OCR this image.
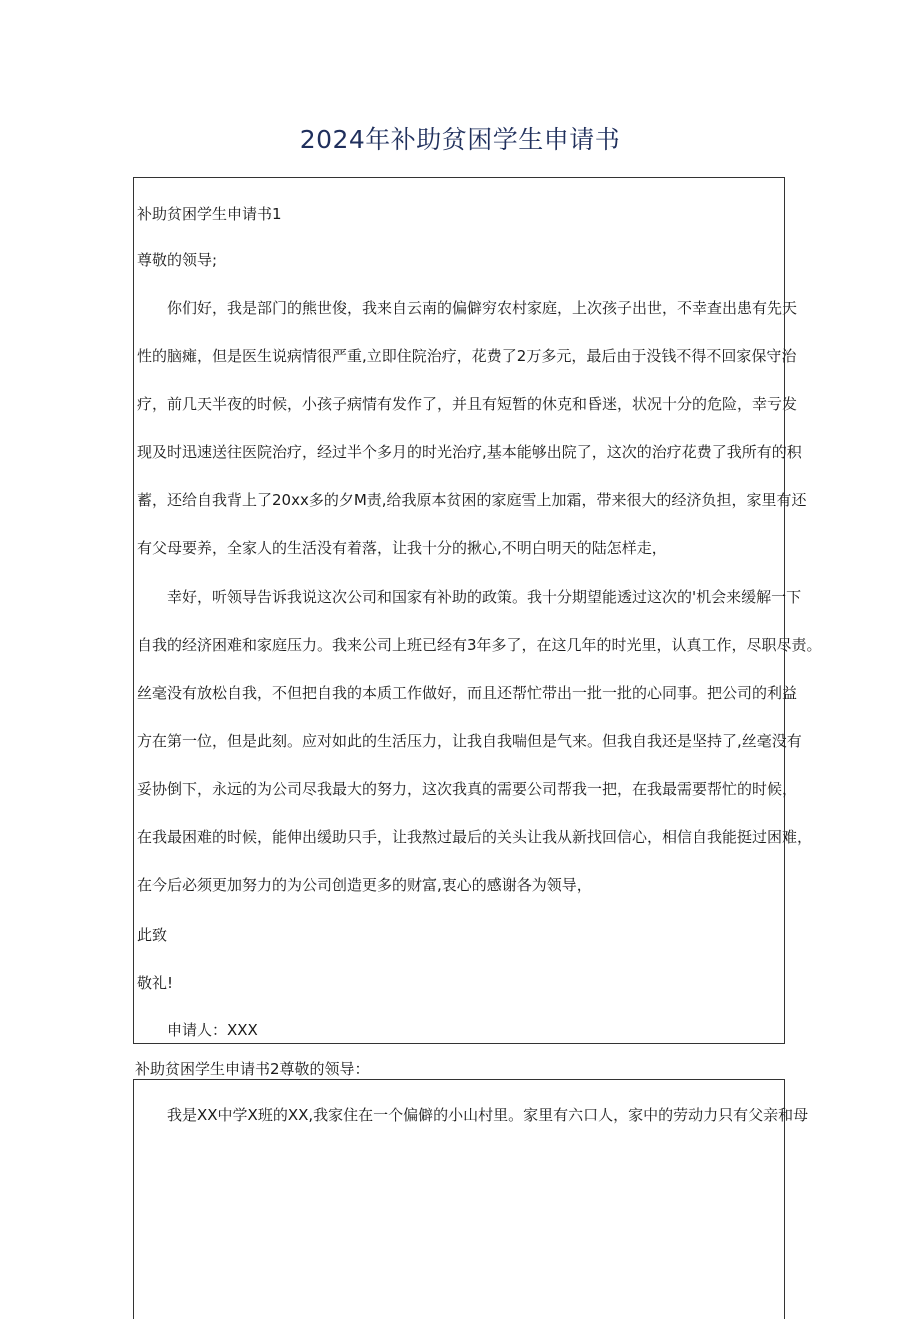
2024年补助贫困学生申请书
补助贫困学生申请书1
尊敬的领导;
你们好，我是部门的熊世俊，我来自云南的偏僻穷农村家庭，上次孩子出世，不幸查出患有先天
性的脑瘫，但是医生说病情很严重,立即住院治疗，花费了2万多元，最后由于没钱不得不回家保守治
疗，前几天半夜的时候，小孩子病情有发作了，并且有短暂的休克和昏迷，状况十分的危险，幸亏发
现及时迅速送往医院治疗，经过半个多月的时光治疗,基本能够出院了，这次的治疗花费了我所有的积
蓄，还给自我背上了20xx多的夕M责,给我原本贫困的家庭雪上加霜，带来很大的经济负担，家里有还
有父母要养，全家人的生活没有着落，让我十分的揪心,不明白明天的陆怎样走，
幸好，听领导告诉我说这次公司和国家有补助的政策。我十分期望能透过这次的'机会来缓解一下
自我的经济困难和家庭压力。我来公司上班已经有3年多了，在这几年的时光里，认真工作，尽职尽责。
丝毫没有放松自我，不但把自我的本质工作做好，而且还帮忙带出一批一批的心同事。把公司的利益
方在第一位，但是此刻。应对如此的生活压力，让我自我喘但是气来。但我自我还是坚持了,丝毫没有
妥协倒下，永远的为公司尽我最大的努力，这次我真的需要公司帮我一把，在我最需要帮忙的时候，
在我最困难的时候，能伸出缓助只手，让我熬过最后的关头让我从新找回信心，相信自我能挺过困难，
在今后必须更加努力的为公司创造更多的财富,衷心的感谢各为领导，
此致
敬礼!
申请人：XXX
补助贫困学生申请书2尊敬的领导：
我是XX中学X班的XX,我家住在一个偏僻的小山村里。家里有六口人，家中的劳动力只有父亲和母
